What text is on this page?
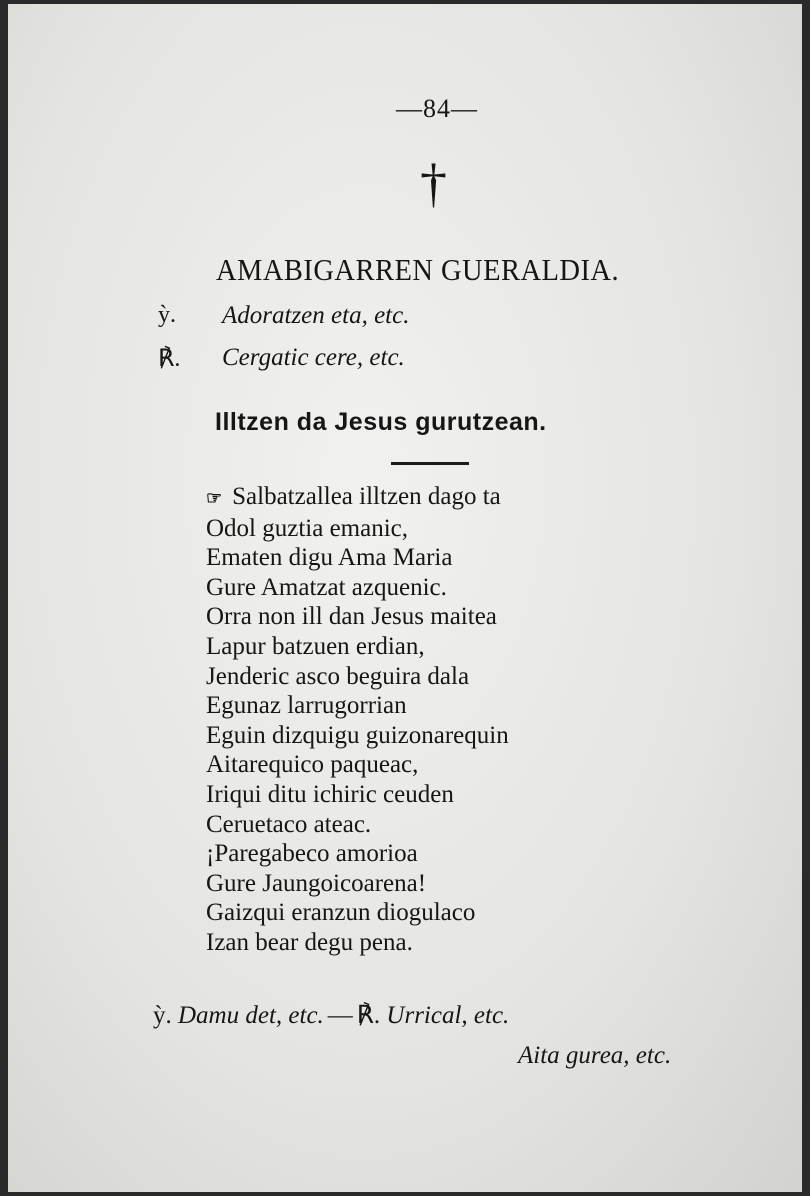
—84—
†
AMABIGARREN GUERALDIA.
ỳ. Adoratzen eta, etc.
℟. Cergatic cere, etc.
Illtzen da Jesus gurutzean.
☞ Salbatzallea illtzen dago ta
Odol guztia emanic,
Ematen digu Ama Maria
Gure Amatzat azquenic.
Orra non ill dan Jesus maitea
Lapur batzuen erdian,
Jenderic asco beguira dala
Egunaz larrugorrian
Eguin dizquigu guizonarequin
Aitarequico paqueac,
Iriqui ditu ichiric ceuden
Ceruetaco ateac.
¡Paregabeco amorioa
Gure Jaungoicoarena!
Gaizqui eranzun diogulaco
Izan bear degu pena.
ỳ. Damu det, etc. — ℟. Urrical, etc.
Aita gurea, etc.
